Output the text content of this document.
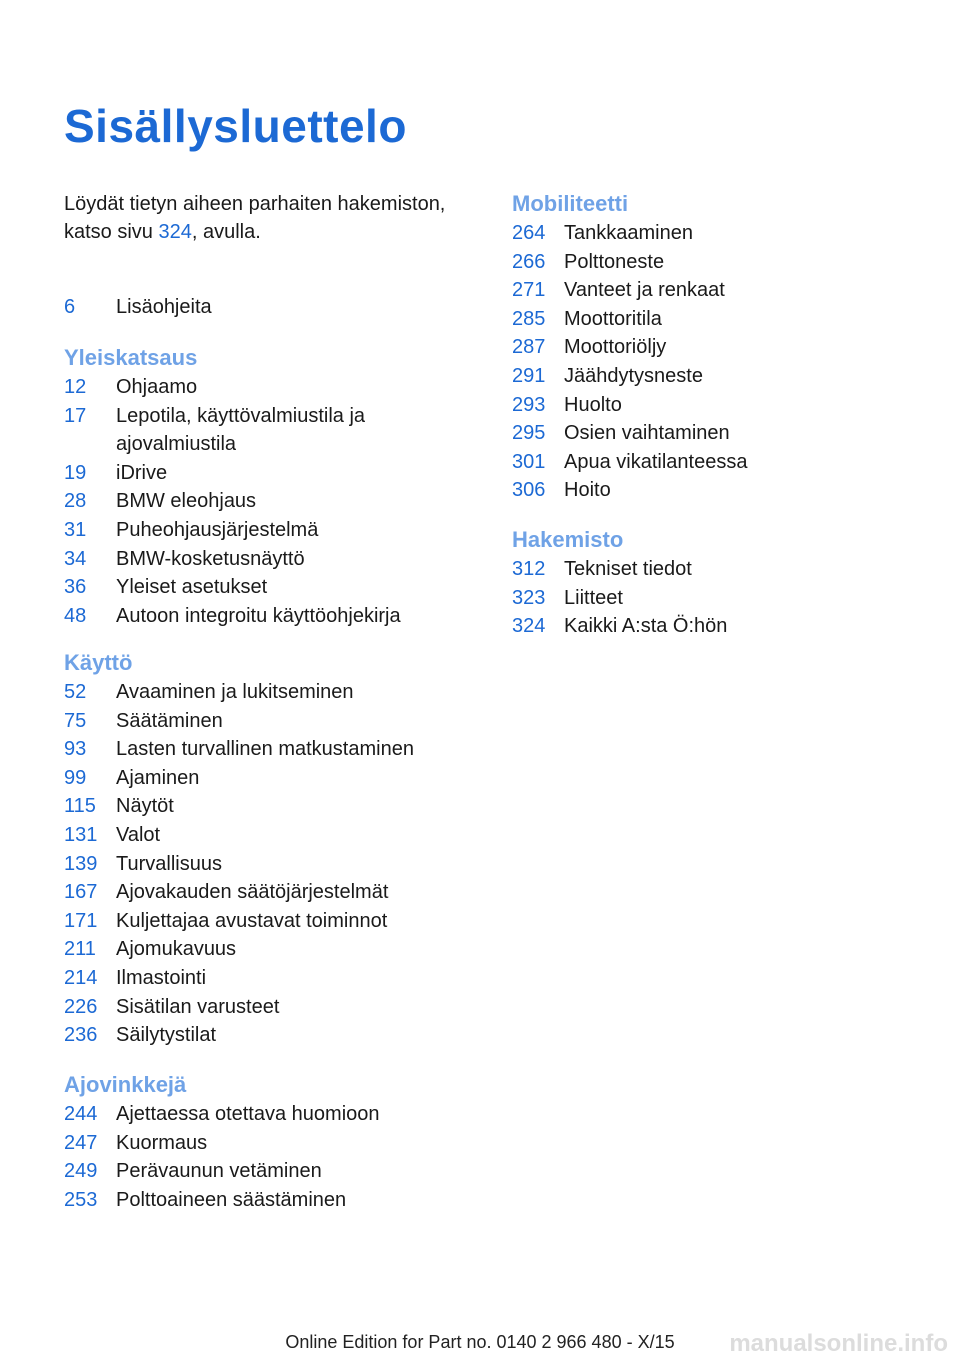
Sisällysluettelo

Löydät tietyn aiheen parhaiten hakemiston, katso sivu 324, avulla.

6	Lisäohjeita
Yleiskatsaus
12	Ohjaamo
17	Lepotila, käyttövalmiustila ja ajovalmiustila
19	iDrive
28	BMW eleohjaus
31	Puheohjausjärjestelmä
34	BMW-kosketusnäyttö
36	Yleiset asetukset
48	Autoon integroitu käyttöohjekirja
Käyttö
52	Avaaminen ja lukitseminen
75	Säätäminen
93	Lasten turvallinen matkustaminen
99	Ajaminen
115	Näytöt
131 Valot
139 Turvallisuus
167 Ajovakauden säätöjärjestelmät
171 Kuljettajaa avustavat toiminnot
211	Ajomukavuus
214 Ilmastointi
226 Sisätilan varusteet
236 Säilytystilat
Ajovinkkejä
244 Ajettaessa otettava huomioon
247 Kuormaus
249 Perävaunun vetäminen
253 Polttoaineen säästäminen
Mobiliteetti
264 Tankkaaminen
266 Polttoneste
271 Vanteet ja renkaat
285 Moottoritila
287 Moottoriöljy
291 Jäähdytysneste
293 Huolto
295 Osien vaihtaminen
301 Apua vikatilanteessa
306 Hoito
Hakemisto
312 Tekniset tiedot
323 Liitteet
324 Kaikki A:sta Ö:hön
Online Edition for Part no. 0140 2 966 480 - X/15	manualsonline.info
